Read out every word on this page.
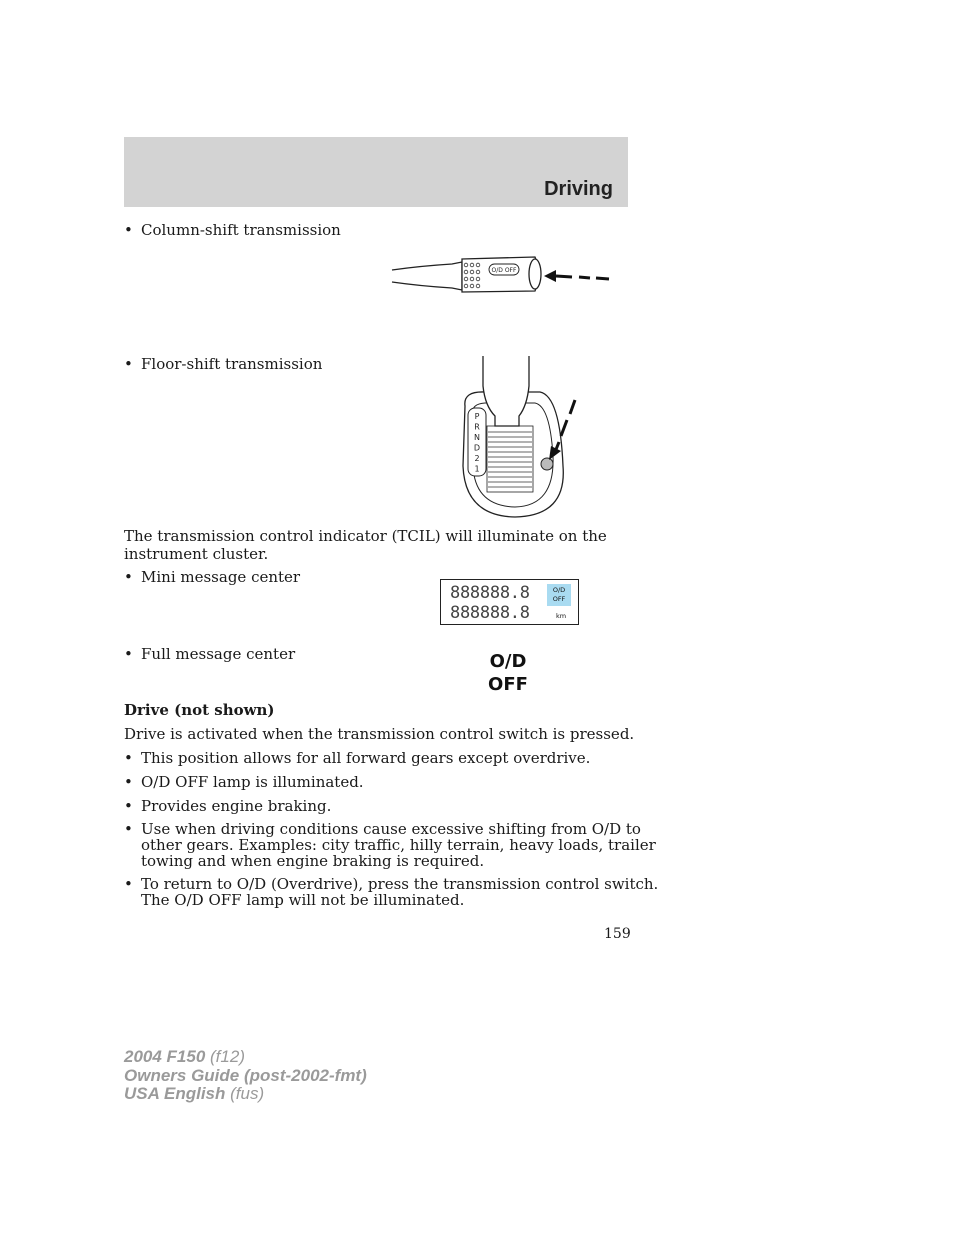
Driving
• Column-shift transmission
O/D OFF
• Floor-shift transmission
P
R
N
D
2
1
The transmission control indicator (TCIL) will illuminate on the
instrument cluster.
• Mini message center
888888.8
888888.8
O/D
OFF
km
• Full message center	O/D
OFF
Drive (not shown)
Drive is activated when the transmission control switch is pressed.
• This position allows for all forward gears except overdrive.
• O/D OFF lamp is illuminated.
• Provides engine braking.
• Use when driving conditions cause excessive shifting from O/D to
other gears. Examples: city traffic, hilly terrain, heavy loads, trailer
towing and when engine braking is required.
• To return to O/D (Overdrive), press the transmission control switch.
The O/D OFF lamp will not be illuminated.
159
2004 F150 (f12)
Owners Guide (post-2002-fmt)
USA English (fus)
